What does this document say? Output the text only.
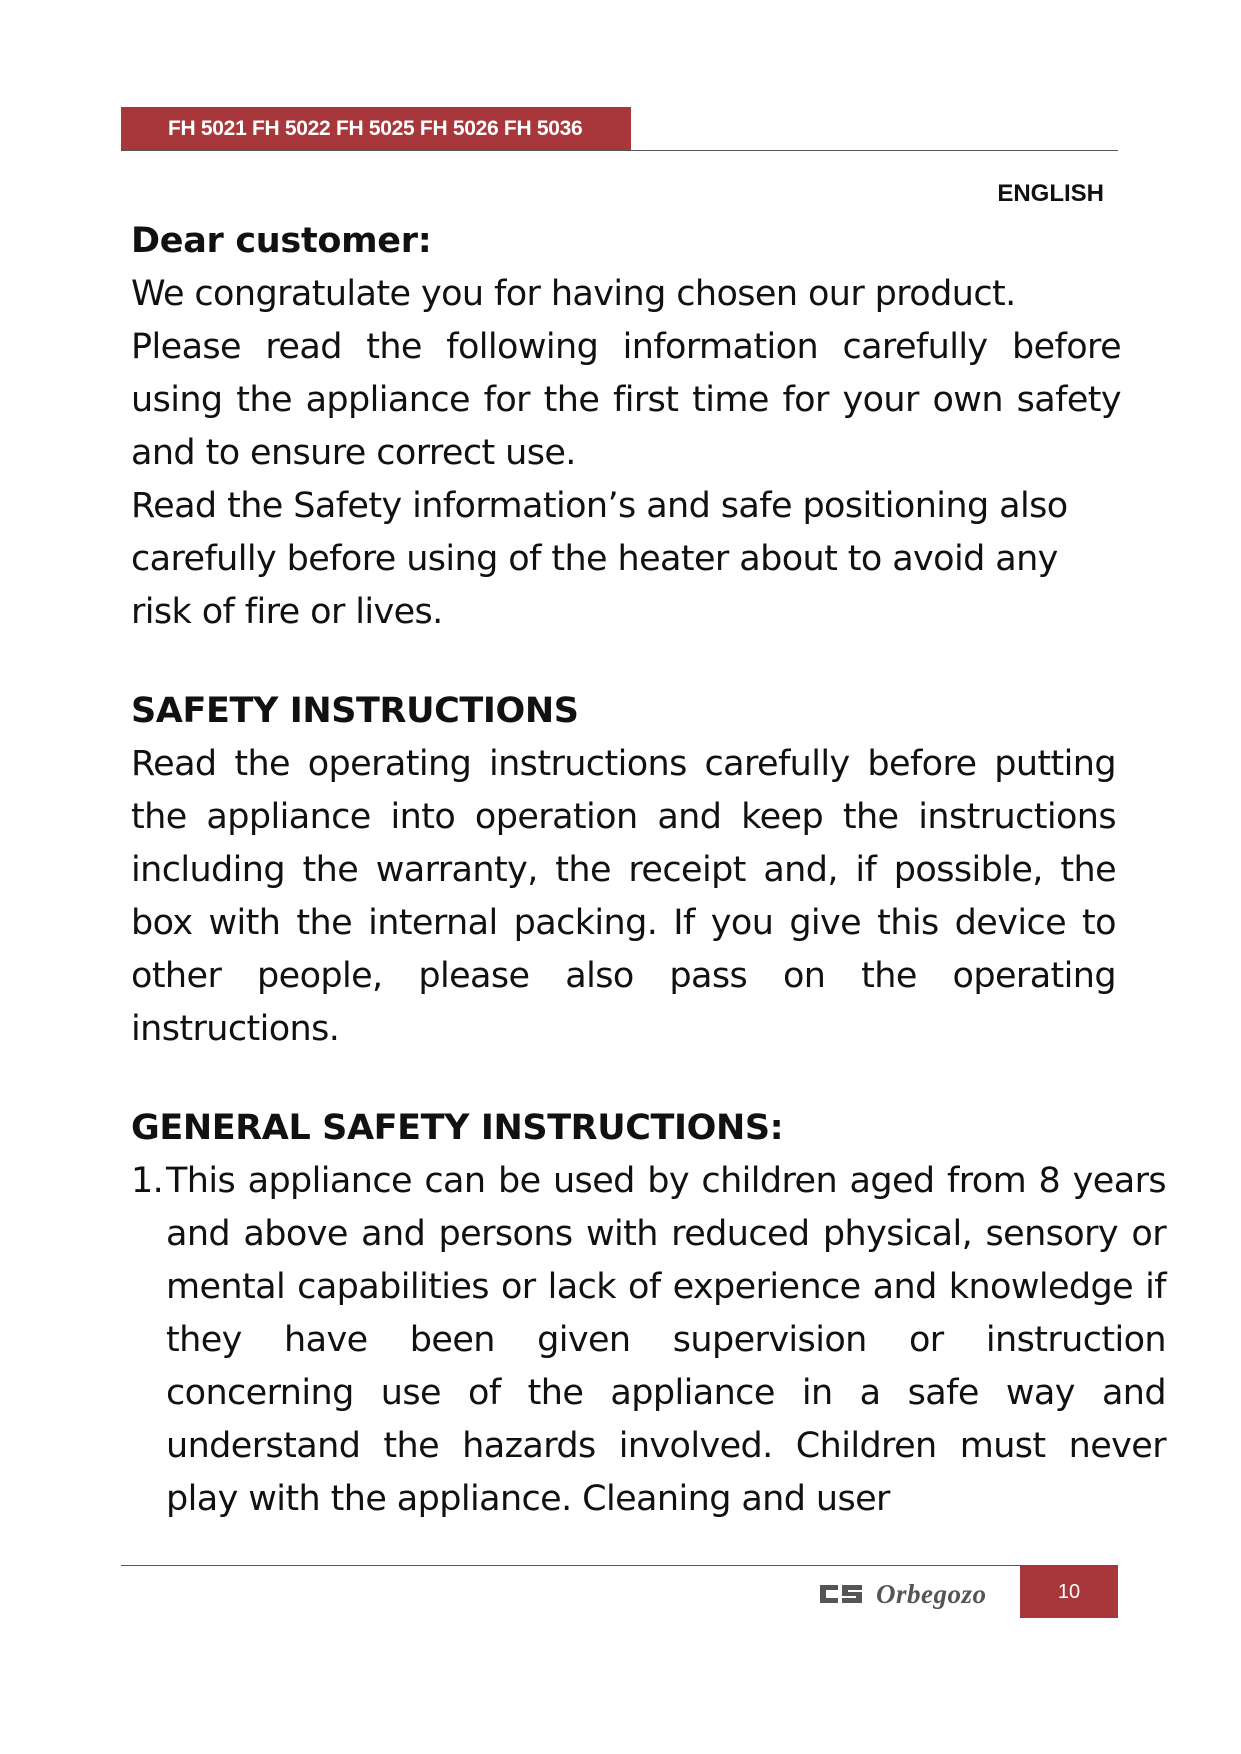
FH 5021 FH 5022 FH 5025 FH 5026 FH 5036
ENGLISH

Dear customer:

We congratulate you for having chosen our product.

Please read the following information carefully before using the appliance for the first time for your own safety and to ensure correct use.

Read the Safety information’s and safe positioning also carefully before using of the heater about to avoid any risk of fire or lives.

SAFETY INSTRUCTIONS

Read the operating instructions carefully before putting the appliance into operation and keep the instructions including the warranty, the receipt and, if possible, the box with the internal packing. If you give this device to other people, please also pass on the operating instructions.

GENERAL SAFETY INSTRUCTIONS:
1. This appliance can be used by children aged from 8 years and above and persons with reduced physical, sensory or mental capabilities or lack of experience and knowledge if they have been given supervision or instruction concerning use of the appliance in a safe way and understand the hazards involved. Children must never play with the appliance. Cleaning and user
Orbegozo	10
